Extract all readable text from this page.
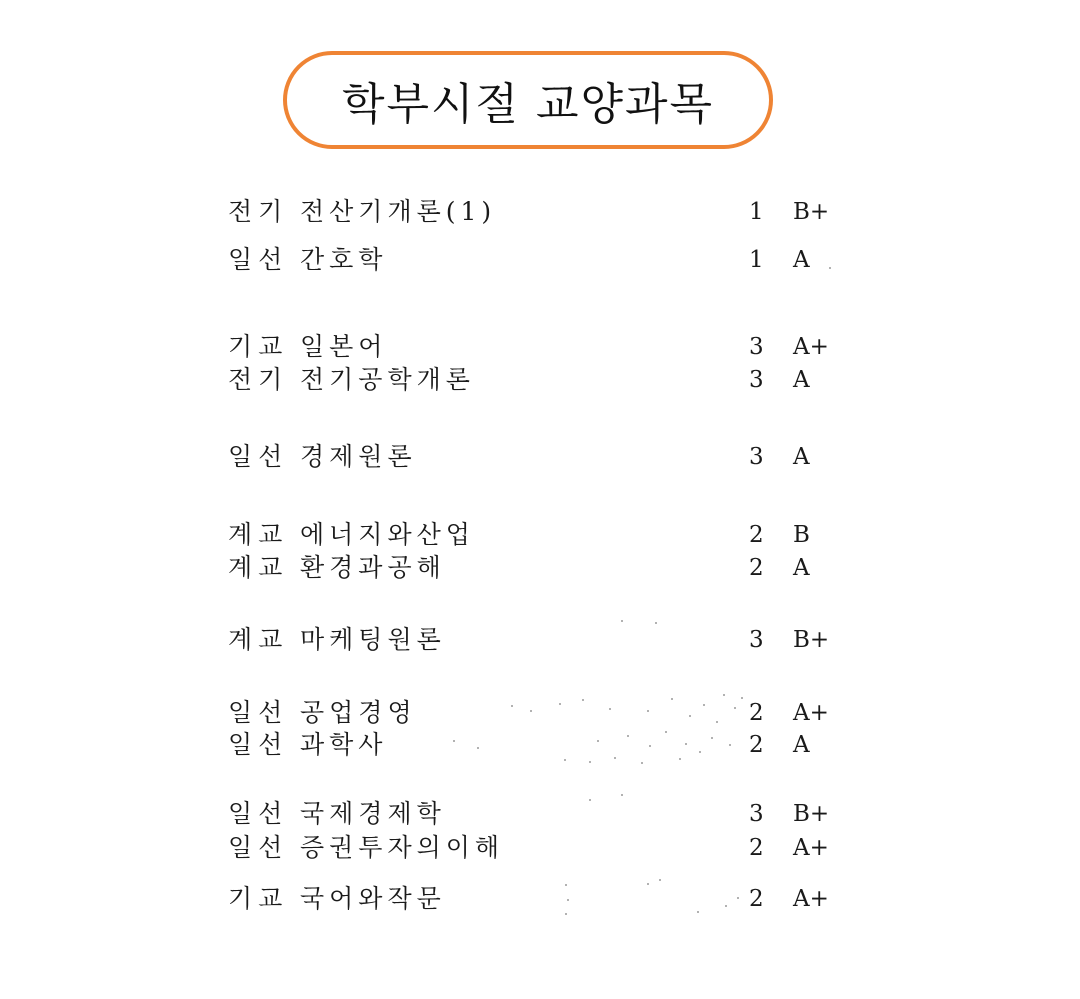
학부시절 교양과목
전기 전산기개론(1)	1 B+
일선 간호학	1 A
기교 일본어	3 A+
전기 전기공학개론	3 A
일선 경제원론	3 A
계교 에너지와산업	2 B
계교 환경과공해	2 A
계교 마케팅원론	3 B+
일선 공업경영	2 A+
일선 과학사	2 A
일선 국제경제학	3 B+
일선 증권투자의이해	2 A+
기교 국어와작문	2 A+
